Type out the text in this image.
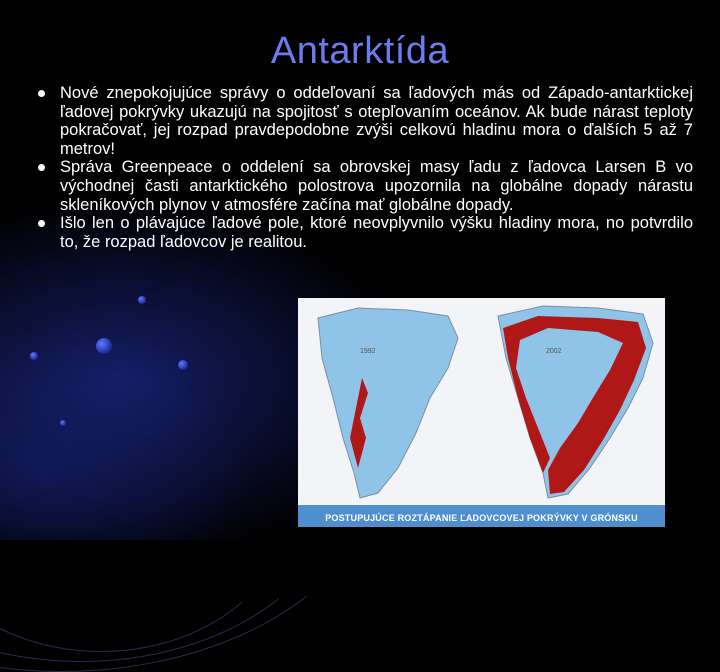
Antarktída
Nové znepokojujúce správy o oddeľovaní sa ľadových más od Západo-antarktickej ľadovej pokrývky ukazujú na spojitosť s otepľovaním oceánov. Ak bude nárast teploty pokračovať, jej rozpad pravdepodobne zvýši celkovú hladinu mora o ďalších 5 až 7 metrov!
Správa Greenpeace o oddelení sa obrovskej masy ľadu z ľadovca Larsen B vo východnej časti antarktického polostrova upozornila na globálne dopady nárastu skleníkových plynov v atmosfére začína mať globálne dopady.
Išlo len o plávajúce ľadové pole, ktoré neovplyvnilo výšku hladiny mora, no potvrdilo to, že rozpad ľadovcov je realitou.
1992	2002
POSTUPUJÚCE ROZTÁPANIE ĽADOVCOVEJ POKRÝVKY V GRÓNSKU
